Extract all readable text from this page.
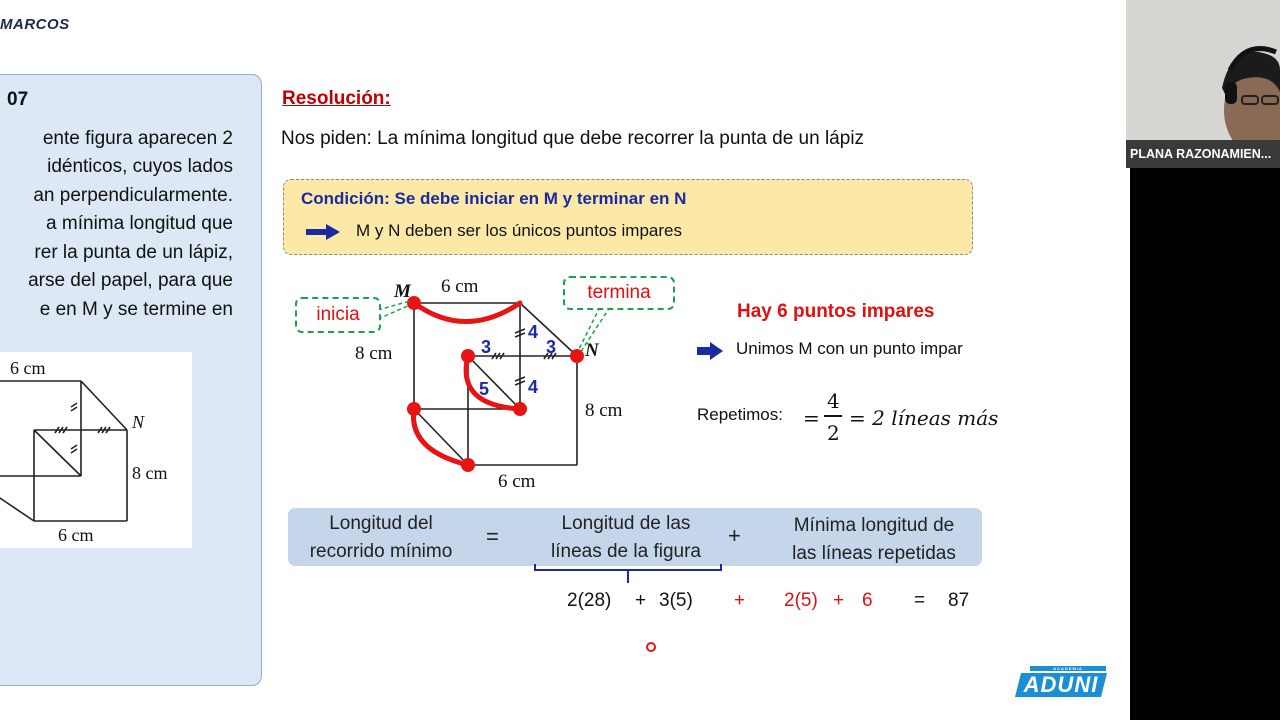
MARCOS
07
ente figura aparecen 2
idénticos, cuyos lados
an perpendicularmente.
a mínima longitud que
rer la punta de un lápiz,
arse del papel, para que
e en M y se termine en
6 cm
8 cm
6 cm
N
Resolución:
Nos piden: La mínima longitud que debe recorrer la punta de un lápiz
Condición: Se debe iniciar en M y terminar en N
M y N deben ser los únicos puntos impares
M
N
6 cm
8 cm
8 cm
6 cm
3	3
4
4
5
inicia
termina
Hay 6 puntos impares
Unimos M con un punto impar
Repetimos: =
4
2
= 2 líneas más
Longitud del
recorrido mínimo
=
Longitud de las
líneas de la figura
+	Mínima longitud de
las líneas repetidas
2(28) + 3(5) + 2(5) + 6 = 87
ACADEMIA
ADUNI
PLANA RAZONAMIEN...
